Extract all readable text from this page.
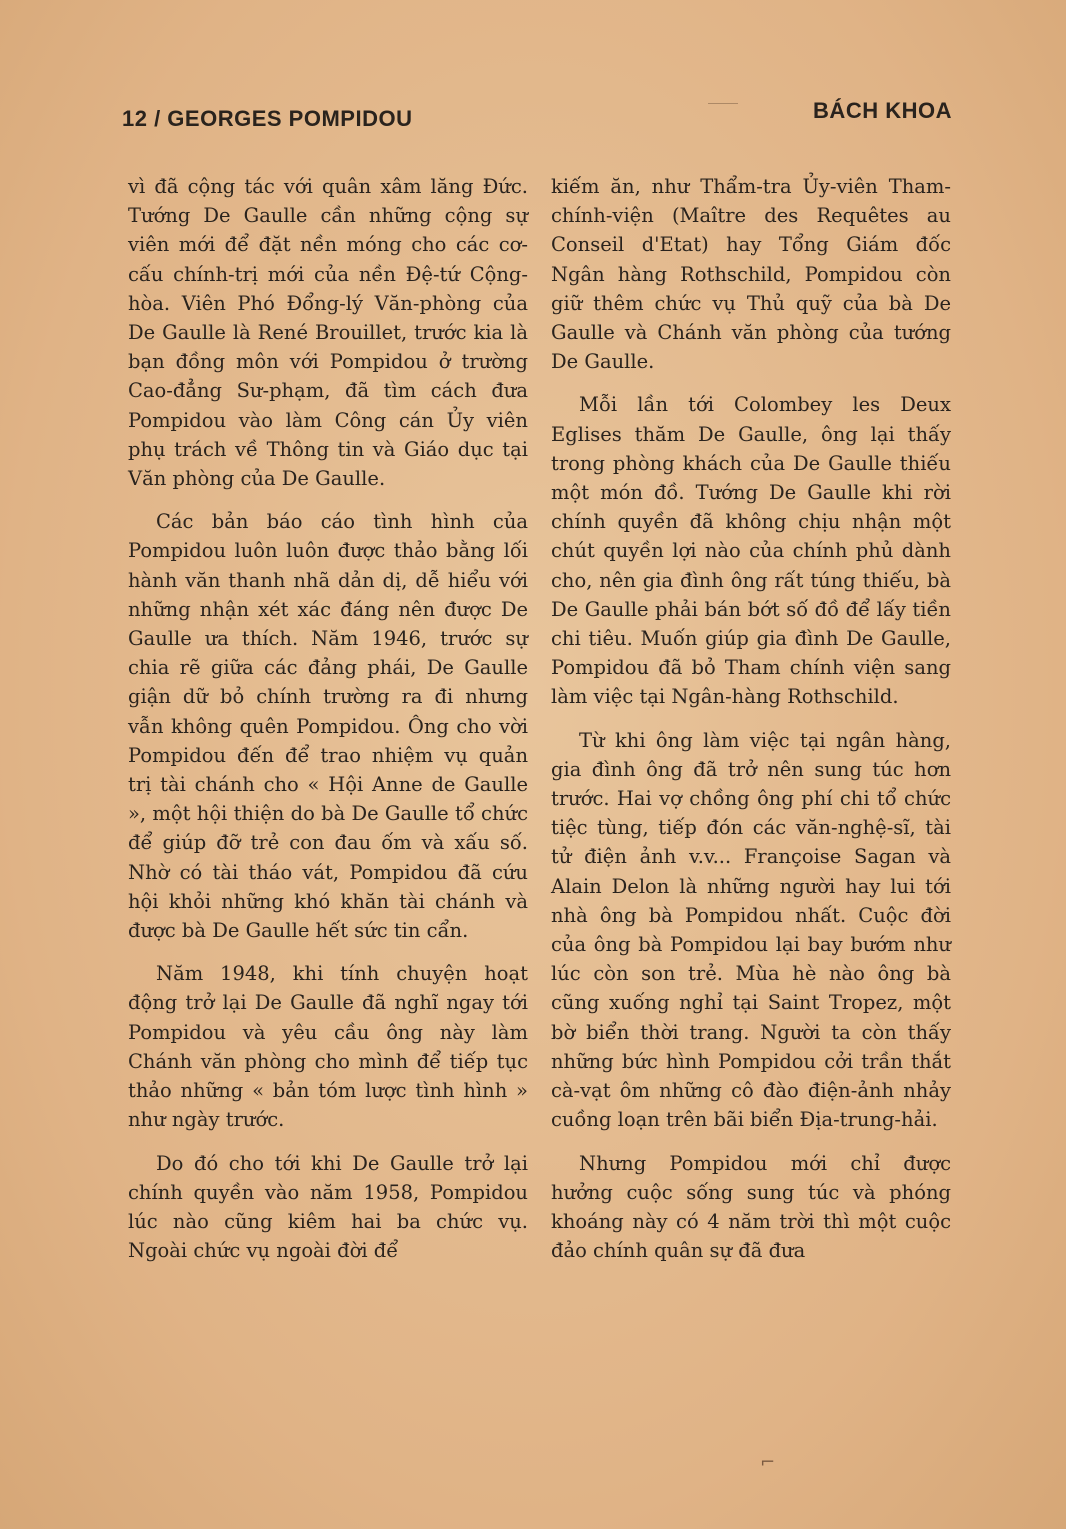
12 / GEORGES POMPIDOU	BÁCH KHOA

vì đã cộng tác với quân xâm lăng Đức. Tướng De Gaulle cần những cộng sự viên mới để đặt nền móng cho các cơ-cấu chính-trị mới của nền Đệ-tứ Cộng-hòa. Viên Phó Đổng-lý Văn-phòng của De Gaulle là René Brouillet, trước kia là bạn đồng môn với Pompidou ở trường Cao-đẳng Sư-phạm, đã tìm cách đưa Pompidou vào làm Công cán Ủy viên phụ trách về Thông tin và Giáo dục tại Văn phòng của De Gaulle.

Các bản báo cáo tình hình của Pompidou luôn luôn được thảo bằng lối hành văn thanh nhã dản dị, dễ hiểu với những nhận xét xác đáng nên được De Gaulle ưa thích. Năm 1946, trước sự chia rẽ giữa các đảng phái, De Gaulle giận dữ bỏ chính trường ra đi nhưng vẫn không quên Pompidou. Ông cho vời Pompidou đến để trao nhiệm vụ quản trị tài chánh cho « Hội Anne de Gaulle », một hội thiện do bà De Gaulle tổ chức để giúp đỡ trẻ con đau ốm và xấu số. Nhờ có tài tháo vát, Pompidou đã cứu hội khỏi những khó khăn tài chánh và được bà De Gaulle hết sức tin cẩn.

Năm 1948, khi tính chuyện hoạt động trở lại De Gaulle đã nghĩ ngay tới Pompidou và yêu cầu ông này làm Chánh văn phòng cho mình để tiếp tục thảo những « bản tóm lược tình hình » như ngày trước.

Do đó cho tới khi De Gaulle trở lại chính quyền vào năm 1958, Pompidou lúc nào cũng kiêm hai ba chức vụ. Ngoài chức vụ ngoài đời để

kiếm ăn, như Thẩm-tra Ủy-viên Tham-chính-viện (Maître des Requêtes au Conseil d'Etat) hay Tổng Giám đốc Ngân hàng Rothschild, Pompidou còn giữ thêm chức vụ Thủ quỹ của bà De Gaulle và Chánh văn phòng của tướng De Gaulle.

Mỗi lần tới Colombey les Deux Eglises thăm De Gaulle, ông lại thấy trong phòng khách của De Gaulle thiếu một món đồ. Tướng De Gaulle khi rời chính quyền đã không chịu nhận một chút quyền lợi nào của chính phủ dành cho, nên gia đình ông rất túng thiếu, bà De Gaulle phải bán bớt số đồ để lấy tiền chi tiêu. Muốn giúp gia đình De Gaulle, Pompidou đã bỏ Tham chính viện sang làm việc tại Ngân-hàng Rothschild.

Từ khi ông làm việc tại ngân hàng, gia đình ông đã trở nên sung túc hơn trước. Hai vợ chồng ông phí chi tổ chức tiệc tùng, tiếp đón các văn-nghệ-sĩ, tài tử điện ảnh v.v... Françoise Sagan và Alain Delon là những người hay lui tới nhà ông bà Pompidou nhất. Cuộc đời của ông bà Pompidou lại bay bướm như lúc còn son trẻ. Mùa hè nào ông bà cũng xuống nghỉ tại Saint Tropez, một bờ biển thời trang. Người ta còn thấy những bức hình Pompidou cởi trần thắt cà-vạt ôm những cô đào điện-ảnh nhảy cuồng loạn trên bãi biển Địa-trung-hải.

Nhưng Pompidou mới chỉ được hưởng cuộc sống sung túc và phóng khoáng này có 4 năm trời thì một cuộc đảo chính quân sự đã đưa

⌐
